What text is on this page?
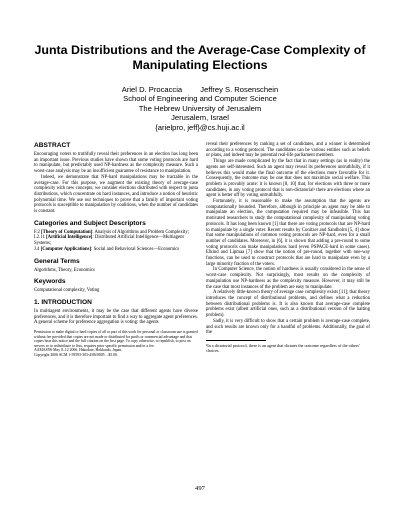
Junta Distributions and the Average-Case Complexity of Manipulating Elections
Ariel D. Procaccia Jeffrey S. Rosenschein
School of Engineering and Computer Science
The Hebrew University of Jerusalem
Jerusalem, Israel
{arielpro, jeff}@cs.huji.ac.il
ABSTRACT

Encouraging voters to truthfully reveal their preferences in an election has long been an important issue. Previous studies have shown that some voting protocols are hard to manipulate, but predictably used NP-hardness as the complexity measure. Such a worst-case analysis may be an insufficient guarantee of resistance to manipulation.

Indeed, we demonstrate that NP-hard manipulations may be tractable in the average-case. For this purpose, we augment the existing theory of average-case complexity with new concepts; we consider elections distributed with respect to junta distributions, which concentrate on hard instances, and introduce a notion of heuristic polynomial time. We use our techniques to prove that a family of important voting protocols is susceptible to manipulation by coalitions, when the number of candidates is constant.

Categories and Subject Descriptors
F.2 [Theory of Computation]: Analysis of Algorithms and Problem Complexity;
I.2.11 [Artificial Intelligence]: Distributed Artificial Intelligence—Multiagent Systems;
J.4 [Computer Applications]: Social and Behavioral Sciences—Economics
General Terms

Algorithms, Theory, Economics

Keywords

Computational complexity, Voting

1. INTRODUCTION

In multiagent environments, it may be the case that different agents have diverse preferences, and it is therefore important to find a way to aggregate agent preferences. A general scheme for preference aggregation is voting: the agents

Permission to make digital or hard copies of all or part of this work for personal or classroom use is granted without fee provided that copies are not made or distributed for profit or commercial advantage and that copies bear this notice and the full citation on the first page. To copy otherwise, to republish, to post on servers or to redistribute to lists, requires prior specific permission and/or a fee.

AAMAS'06 May 8–12 2006, Hakodate, Hokkaido, Japan.

Copyright 2006 ACM 1-59593-303-4/06/0005 ...$5.00.

reveal their preferences by ranking a set of candidates, and a winner is determined according to a voting protocol. The candidates can be various entities such as beliefs or plans, and indeed may be potential real-life parliament members.

Things are made complicated by the fact that in many settings (as in reality) the agents are self-interested. Such an agent may reveal its preferences untruthfully, if it believes this would make the final outcome of the elections more favorable for it. Consequently, the outcome may be one that does not maximize social welfare. This problem is provably acute: it is known [8, 10] that, for elections with three or more candidates, in any voting protocol that is non-dictatorial¹ there are elections where an agent is better off by voting untruthfully.

Fortunately, it is reasonable to make the assumption that the agents are computationally bounded. Therefore, although in principle an agent may be able to manipulate an election, the computation required may be infeasible. This has motivated researchers to study the computational complexity of manipulating voting protocols. It has long been known [1] that there are voting protocols that are NP-hard to manipulate by a single voter. Recent results by Conitzer and Sandholm [5, 4] show that some manipulations of common voting protocols are NP-hard, even for a small number of candidates. Moreover, in [6], it is shown that adding a pre-round to some voting protocols can make manipulations hard (even PSPACE-hard in some cases). Elkind and Lipmaa [7] show that the notion of pre-round, together with one-way functions, can be used to construct protocols that are hard to manipulate even by a large minority fraction of the voters.

In Computer Science, the notion of hardness is usually considered in the sense of worst-case complexity. Not surprisingly, most results on the complexity of manipulation use NP-hardness as the complexity measure. However, it may still be the case that most instances of the problem are easy to manipulate.

A relatively little-known theory of average case complexity exists [11]; that theory introduces the concept of distributional problems, and defines what a reduction between distributional problems is. It is also known that average-case complete problems exist (albeit artificial ones, such as a distributional version of the halting problem).

Sadly, it is very difficult to show that a certain problem is average-case complete, and such results are known only for a handful of problems. Additionally, the goal of the

¹In a dictatorial protocol, there is an agent that dictates the outcome regardless of the others' choices.

497
